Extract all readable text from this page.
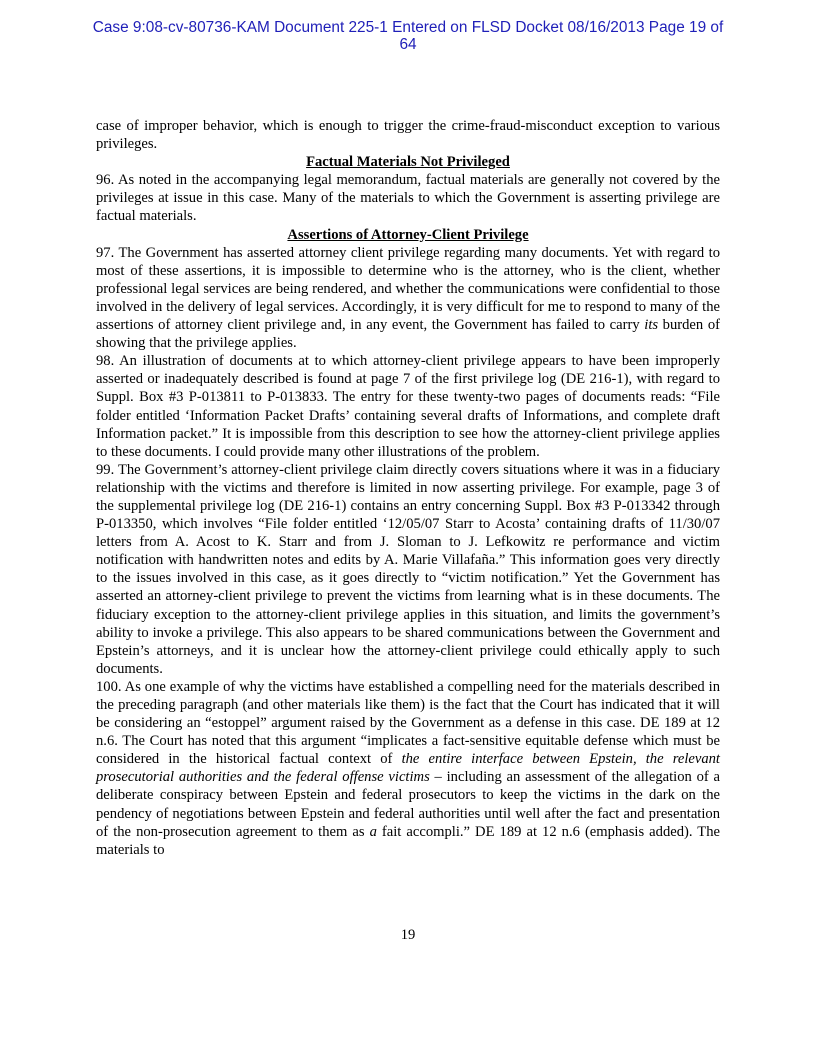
Case 9:08-cv-80736-KAM Document 225-1 Entered on FLSD Docket 08/16/2013 Page 19 of
64

case of improper behavior, which is enough to trigger the crime-fraud-misconduct exception to various privileges.

Factual Materials Not Privileged

96. As noted in the accompanying legal memorandum, factual materials are generally not covered by the privileges at issue in this case. Many of the materials to which the Government is asserting privilege are factual materials.

Assertions of Attorney-Client Privilege

97. The Government has asserted attorney client privilege regarding many documents. Yet with regard to most of these assertions, it is impossible to determine who is the attorney, who is the client, whether professional legal services are being rendered, and whether the communications were confidential to those involved in the delivery of legal services. Accordingly, it is very difficult for me to respond to many of the assertions of attorney client privilege and, in any event, the Government has failed to carry its burden of showing that the privilege applies.

98. An illustration of documents at to which attorney-client privilege appears to have been improperly asserted or inadequately described is found at page 7 of the first privilege log (DE 216-1), with regard to Suppl. Box #3 P-013811 to P-013833. The entry for these twenty-two pages of documents reads: “File folder entitled ‘Information Packet Drafts’ containing several drafts of Informations, and complete draft Information packet.” It is impossible from this description to see how the attorney-client privilege applies to these documents. I could provide many other illustrations of the problem.

99. The Government’s attorney-client privilege claim directly covers situations where it was in a fiduciary relationship with the victims and therefore is limited in now asserting privilege. For example, page 3 of the supplemental privilege log (DE 216-1) contains an entry concerning Suppl. Box #3 P-013342 through P-013350, which involves “File folder entitled ‘12/05/07 Starr to Acosta’ containing drafts of 11/30/07 letters from A. Acost to K. Starr and from J. Sloman to J. Lefkowitz re performance and victim notification with handwritten notes and edits by A. Marie Villafaña.” This information goes very directly to the issues involved in this case, as it goes directly to “victim notification.” Yet the Government has asserted an attorney-client privilege to prevent the victims from learning what is in these documents. The fiduciary exception to the attorney-client privilege applies in this situation, and limits the government’s ability to invoke a privilege. This also appears to be shared communications between the Government and Epstein’s attorneys, and it is unclear how the attorney-client privilege could ethically apply to such documents.

100. As one example of why the victims have established a compelling need for the materials described in the preceding paragraph (and other materials like them) is the fact that the Court has indicated that it will be considering an “estoppel” argument raised by the Government as a defense in this case. DE 189 at 12 n.6. The Court has noted that this argument “implicates a fact-sensitive equitable defense which must be considered in the historical factual context of the entire interface between Epstein, the relevant prosecutorial authorities and the federal offense victims – including an assessment of the allegation of a deliberate conspiracy between Epstein and federal prosecutors to keep the victims in the dark on the pendency of negotiations between Epstein and federal authorities until well after the fact and presentation of the non-prosecution agreement to them as a fait accompli.” DE 189 at 12 n.6 (emphasis added). The materials to

19
